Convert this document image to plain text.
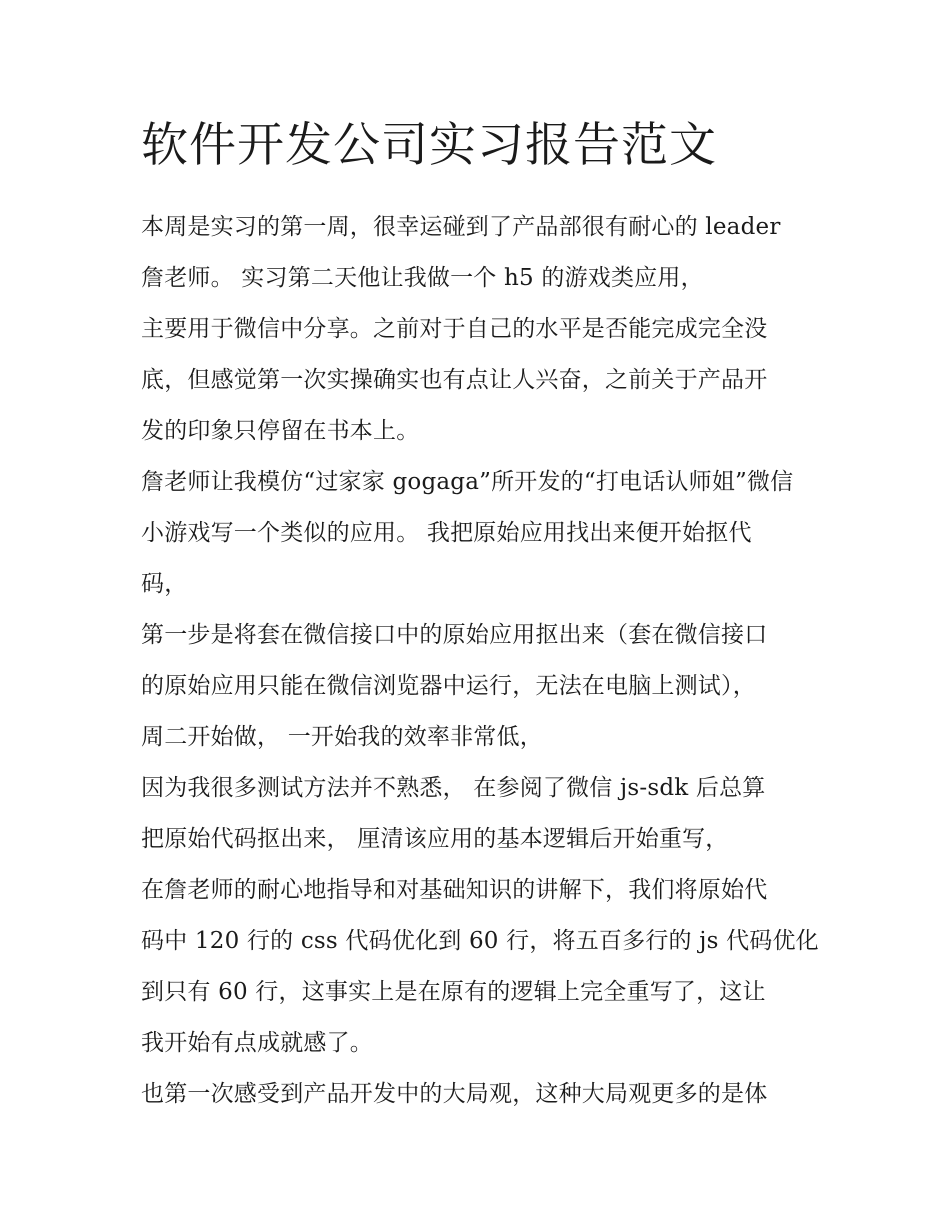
软件开发公司实习报告范文
本周是实习的第一周，很幸运碰到了产品部很有耐心的 leader
詹老师。 实习第二天他让我做一个 h5 的游戏类应用，
主要用于微信中分享。之前对于自己的水平是否能完成完全没
底，但感觉第一次实操确实也有点让人兴奋，之前关于产品开
发的印象只停留在书本上。
詹老师让我模仿“过家家 gogaga”所开发的“打电话认师姐”微信
小游戏写一个类似的应用。 我把原始应用找出来便开始抠代
码，
第一步是将套在微信接口中的原始应用抠出来（套在微信接口
的原始应用只能在微信浏览器中运行，无法在电脑上测试），
周二开始做， 一开始我的效率非常低，
因为我很多测试方法并不熟悉， 在参阅了微信 js-sdk 后总算
把原始代码抠出来， 厘清该应用的基本逻辑后开始重写，
在詹老师的耐心地指导和对基础知识的讲解下，我们将原始代
码中 120 行的 css 代码优化到 60 行，将五百多行的 js 代码优化
到只有 60 行，这事实上是在原有的逻辑上完全重写了，这让
我开始有点成就感了。
也第一次感受到产品开发中的大局观，这种大局观更多的是体
